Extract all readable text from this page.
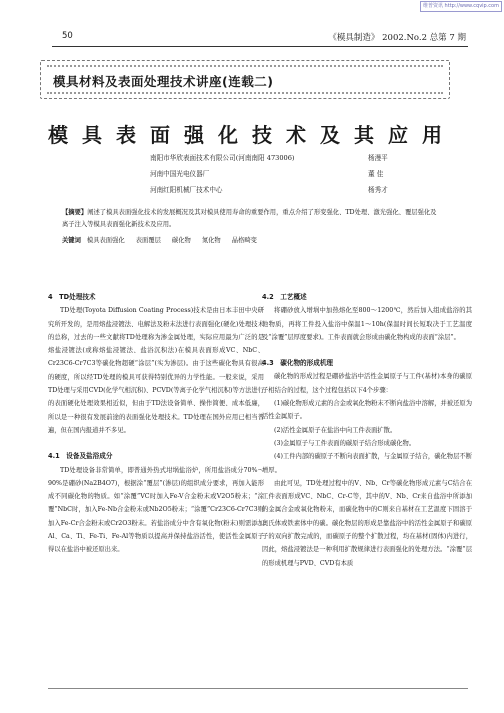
维普资讯 http://www.cqvip.com
50	《模具制造》 2002.No.2 总第 7 期
模具材料及表面处理技术讲座(连载二)
模具表面强化技术及其应用
南阳市华欣表面技术有限公司(河南南阳 473006)
河南中国光电仪器厂
河南红阳机械厂技术中心
杨漫平
董 佳
杨秀才
【摘要】阐述了模具表面强化技术的发展概况及其对模具使用寿命的重要作用，重点介绍了形变强化、TD处理、激光强化、覆层强化及离子注入等模具表面强化新技术及应用。
关键词 模具表面强化 表面覆层 碳化物 氮化物 晶格畸变
4　TD处理技术

TD处理(Toyota Diffusion Coating Process)技术是由日本丰田中央研究所开发的，是用熔盐浸镀法、电解法及粉末法进行表面强化(硬化)处理技术的总称，过去的一些文献将TD处理称为渗金属处理，实际应用最为广泛的是熔盐浸镀法(或称熔盐浸镀法、盐浴沉积法)在模具表面形成VC、NbC、Cr23C6-Cr7C3等碳化物超硬“涂层”(实为渗层)。由于这些碳化物具有很高的硬度，所以经TD处理的模具可获得特别优异的力学性能。一般来说，采用TD处理与采用CVD(化学气相沉积)、PCVD(等离子化学气相沉积)等方法进行的表面硬化处理效果相近似，但由于TD法设备简单、操作简便、成本低廉，所以是一种很有发展前途的表面强化处理技术。TD处理在国外应用已相当普遍，但在国内报道并不多见。

4.1　设备及盐浴成分

TD处理设备非常简单，即普通外热式坩埚盐浴炉，所用盐浴成分70%～90%是硼砂(Na2B4O7)，根据涂“覆层”(渗层)的组织成分要求，再加入能形成不同碳化物的物质。如“涂覆”VC时加入Fe-V合金粉末或V2O5粉末；“涂覆”NbC时，加入Fe-Nb合金粉末或Nb2O5粉末；“涂覆”Cr23C6-Cr7C3则加入Fe-Cr合金粉末或Cr2O3粉末。若盐浴成分中含有氧化物(粉末)则需添加Al、Ca、Ti、Fe-Ti、Fe-Al等物质以提高并保持盐浴活性，使活性金属原子得以在盐浴中被还原出来。

4.2　工艺概述

将硼砂放入增埚中加热熔化至800～1200℃，然后加入组成盐浴的其他物质，再将工件投入盐浴中保温1～10h(保温时间长短取决于工艺温度及“涂覆”层厚度要求)。工件表面就会形成由碳化物构成的表面“涂层”。

4.3　碳化物的形成机理

碳化物的形成过程是硼砂盐浴中活性金属原子与工件(基材)本身的碳原子相结合的过程，这个过程包括以下4个步骤：

(1)碳化物形成元素的合金或氧化物粉末不断向盐浴中溶解，并被还原为活性金属原子。

(2)活性金属原子在盐浴中向工件表面扩散。

(3)金属原子与工件表面的碳原子结合形成碳化物。

(4)工件内部的碳原子不断向表面扩散，与金属原子结合，碳化物层不断增厚。

由此可见，TD处理过程中的V、Nb、Cr等碳化物形成元素与C结合在工件表面形成VC、NbC、Cr-C等，其中的V、Nb、Cr来自盐浴中所添加的金属合金或氧化物粉末，而碳化物中的C则来自基材在工艺温度下固溶于奥氏体或铁素体中的碳。碳化物层的形成是靠盐浴中的活性金属原子和碳原子的双向扩散完成的，而碳原子的整个扩散过程，均在基材(固体)内进行，因此，熔盐浸镀法是一种利用扩散规律进行表面强化的处理方法。“涂覆”层的形成机理与PVD、CVD有本质
